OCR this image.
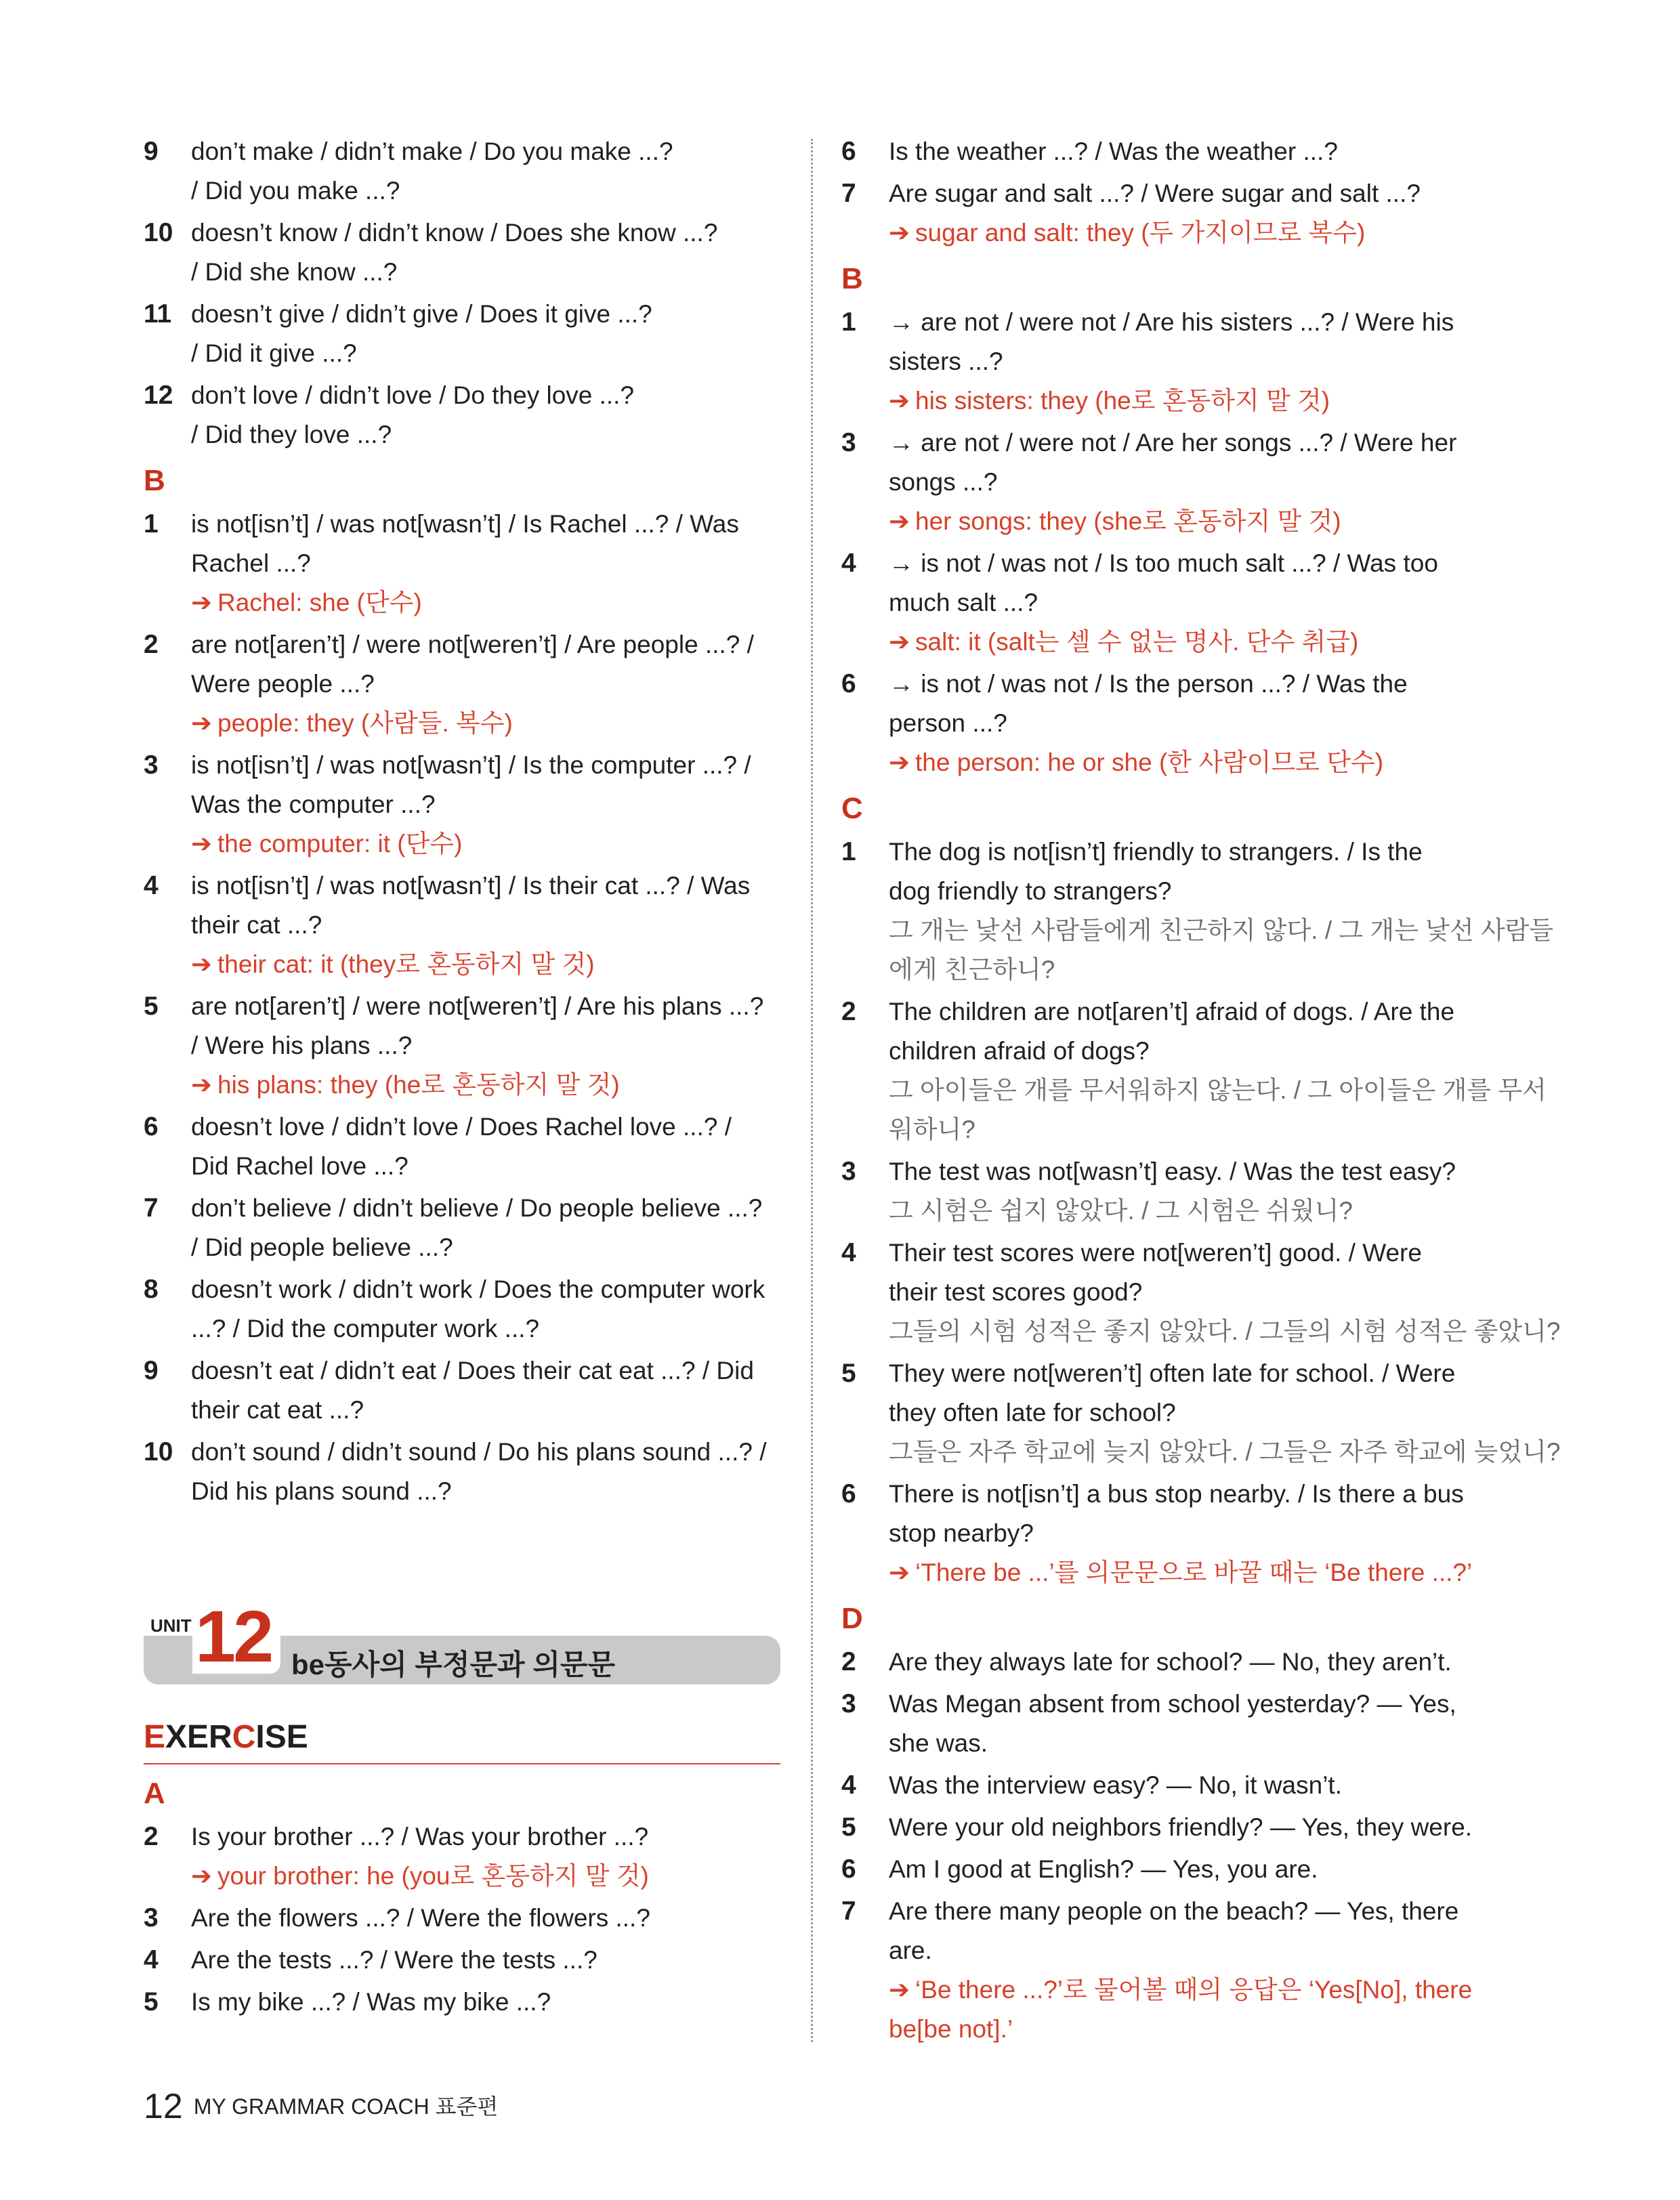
9 don’t make / didn’t make / Do you make ...?
/ Did you make ...?
10 doesn’t know / didn’t know / Does she know ...?
/ Did she know ...?
11 doesn’t give / didn’t give / Does it give ...?
/ Did it give ...?
12 don’t love / didn’t love / Do they love ...?
/ Did they love ...?
B
1 is not[isn’t] / was not[wasn’t] / Is Rachel ...? / Was
Rachel ...?
➔ Rachel: she (단수)
2 are not[aren’t] / were not[weren’t] / Are people ...? /
Were people ...?
➔ people: they (사람들. 복수)
3 is not[isn’t] / was not[wasn’t] / Is the computer ...? /
Was the computer ...?
➔ the computer: it (단수)
4 is not[isn’t] / was not[wasn’t] / Is their cat ...? / Was
their cat ...?
➔ their cat: it (they로 혼동하지 말 것)
5 are not[aren’t] / were not[weren’t] / Are his plans ...?
/ Were his plans ...?
➔ his plans: they (he로 혼동하지 말 것)
6 doesn’t love / didn’t love / Does Rachel love ...? /
Did Rachel love ...?
7 don’t believe / didn’t believe / Do people believe ...?
/ Did people believe ...?
8 doesn’t work / didn’t work / Does the computer work
...? / Did the computer work ...?
9 doesn’t eat / didn’t eat / Does their cat eat ...? / Did
their cat eat ...?
10 don’t sound / didn’t sound / Do his plans sound ...? /
Did his plans sound ...?
UNIT 12 be동사의 부정문과 의문문
EXERCISE
A
2 Is your brother ...? / Was your brother ...?
➔ your brother: he (you로 혼동하지 말 것)
3 Are the flowers ...? / Were the flowers ...?
4 Are the tests ...? / Were the tests ...?
5 Is my bike ...? / Was my bike ...?
6 Is the weather ...? / Was the weather ...?
7 Are sugar and salt ...? / Were sugar and salt ...?
➔ sugar and salt: they (두 가지이므로 복수)
B
1 → are not / were not / Are his sisters ...? / Were his
sisters ...?
➔ his sisters: they (he로 혼동하지 말 것)
3 → are not / were not / Are her songs ...? / Were her
songs ...?
➔ her songs: they (she로 혼동하지 말 것)
4 → is not / was not / Is too much salt ...? / Was too
much salt ...?
➔ salt: it (salt는 셀 수 없는 명사. 단수 취급)
6 → is not / was not / Is the person ...? / Was the
person ...?
➔ the person: he or she (한 사람이므로 단수)
C
1 The dog is not[isn’t] friendly to strangers. / Is the
dog friendly to strangers?
그 개는 낯선 사람들에게 친근하지 않다. / 그 개는 낯선 사람들
에게 친근하니?
2 The children are not[aren’t] afraid of dogs. / Are the
children afraid of dogs?
그 아이들은 개를 무서워하지 않는다. / 그 아이들은 개를 무서
워하니?
3 The test was not[wasn’t] easy. / Was the test easy?
그 시험은 쉽지 않았다. / 그 시험은 쉬웠니?
4 Their test scores were not[weren’t] good. / Were
their test scores good?
그들의 시험 성적은 좋지 않았다. / 그들의 시험 성적은 좋았니?
5 They were not[weren’t] often late for school. / Were
they often late for school?
그들은 자주 학교에 늦지 않았다. / 그들은 자주 학교에 늦었니?
6 There is not[isn’t] a bus stop nearby. / Is there a bus
stop nearby?
➔ ‘There be ...’를 의문문으로 바꿀 때는 ‘Be there ...?’
D
2 Are they always late for school? — No, they aren’t.
3 Was Megan absent from school yesterday? — Yes,
she was.
4 Was the interview easy? — No, it wasn’t.
5 Were your old neighbors friendly? — Yes, they were.
6 Am I good at English? — Yes, you are.
7 Are there many people on the beach? — Yes, there
are.
➔ ‘Be there ...?’로 물어볼 때의 응답은 ‘Yes[No], there
be[be not].’
12 MY GRAMMAR COACH 표준편
